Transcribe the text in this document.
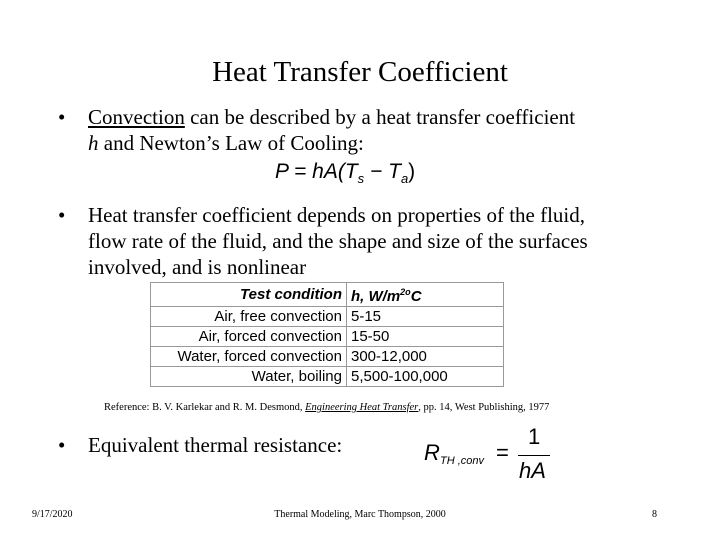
Heat Transfer Coefficient
• Convection can be described by a heat transfer coefficient
h and Newton’s Law of Cooling:
$P = hA(T_s - T_a)$
• Heat transfer coefficient depends on properties of the fluid,
flow rate of the fluid, and the shape and size of the surfaces
involved, and is nonlinear
Test condition	h, $W/m^{2o}C$
Air, free convection	5-15
Air, forced convection	15-50
Water, forced convection	300-12,000
Water, boiling	5,500-100,000
Reference: B. V. Karlekar and R. M. Desmond, Engineering Heat Transfer, pp. 14, West Publishing, 1977
• Equivalent thermal resistance:	R TH ,conv =
1
hA
9/17/2020	Thermal Modeling, Marc Thompson, 2000	8
